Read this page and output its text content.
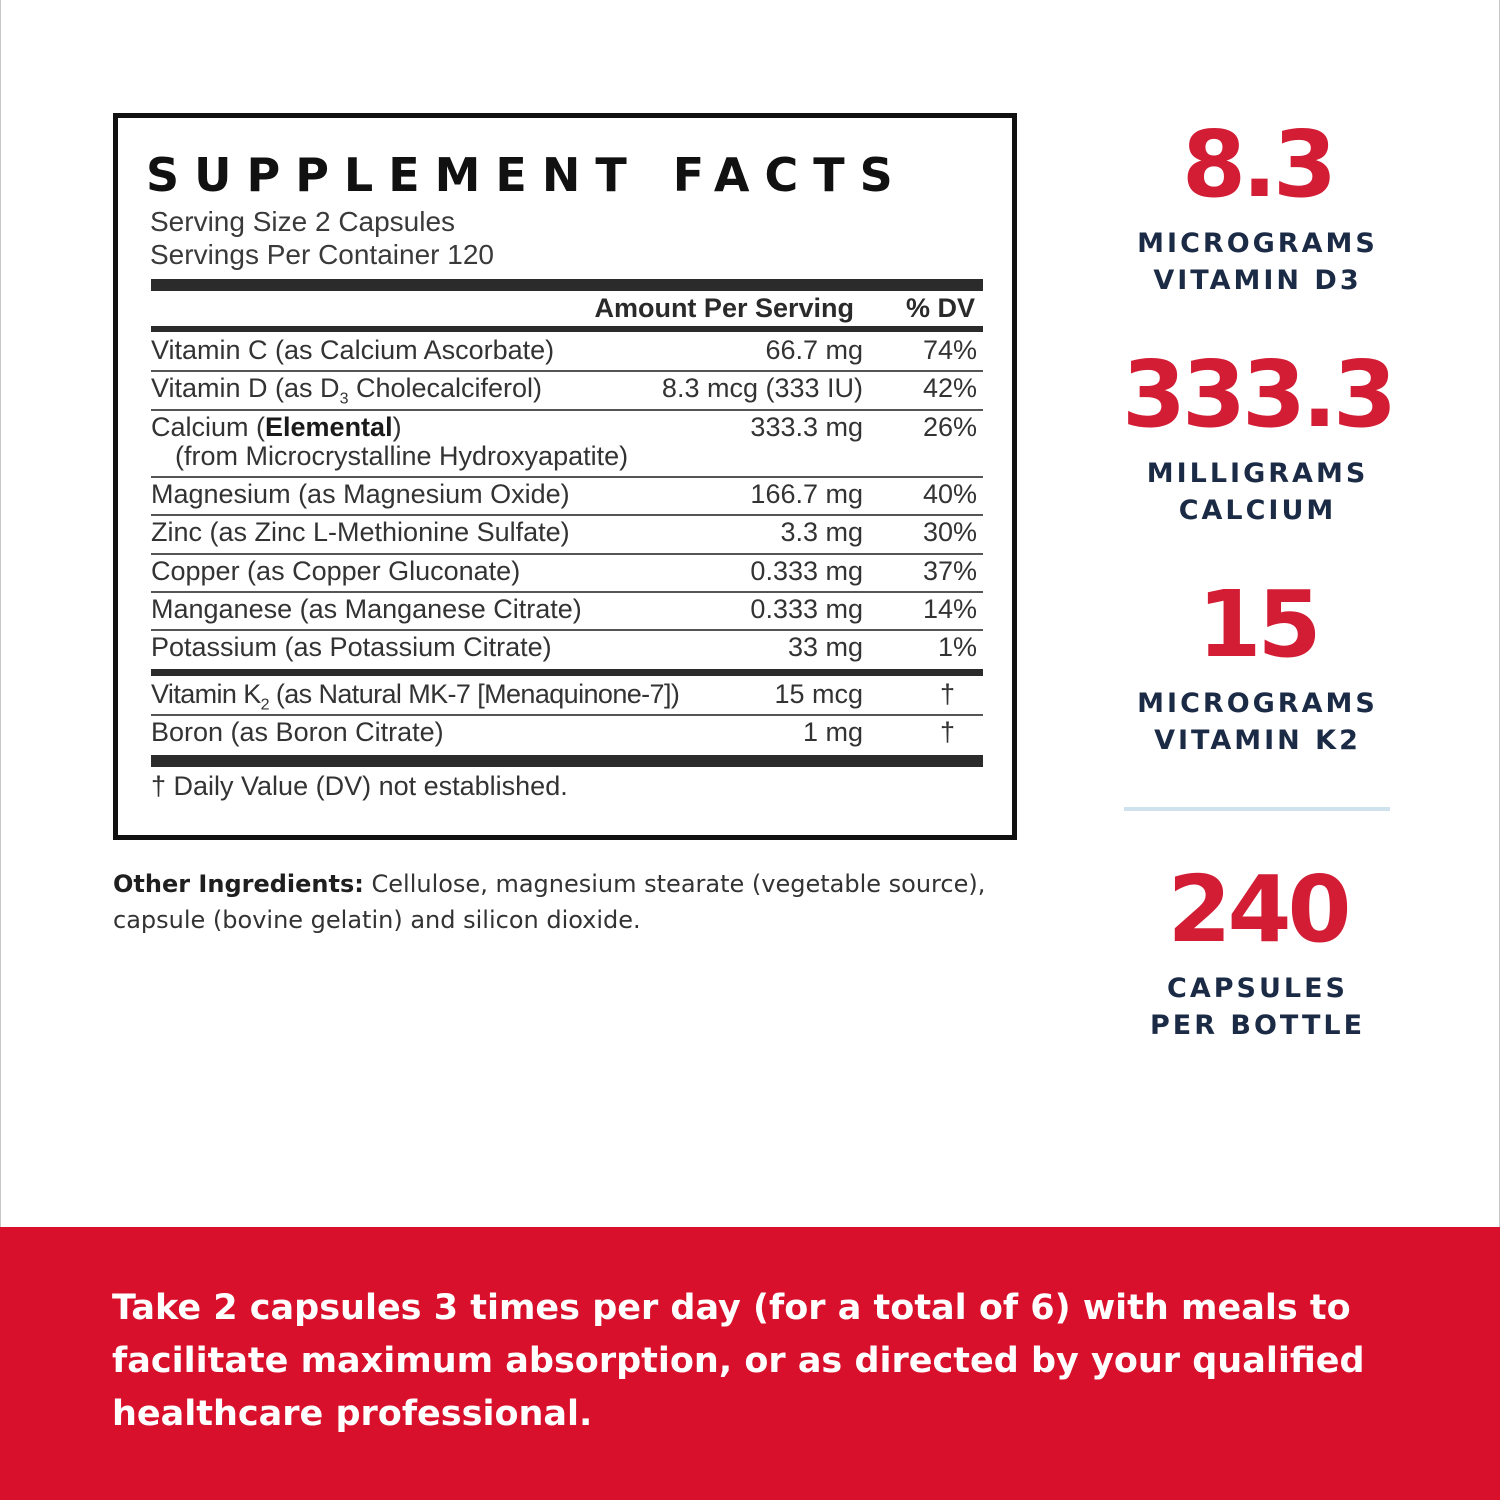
SUPPLEMENT FACTS
Serving Size 2 Capsules
Servings Per Container 120
Amount Per Serving % DV
Vitamin C (as Calcium Ascorbate)	66.7 mg 74%
Vitamin D (as $D_3$ Cholecalciferol)	8.3 mcg (333 IU) 42%
Calcium (Elemental)
(from Microcrystalline Hydroxyapatite)
333.3 mg 26%
Magnesium (as Magnesium Oxide)	166.7 mg 40%
Zinc (as Zinc L-Methionine Sulfate)	3.3 mg 30%
Copper (as Copper Gluconate)	0.333 mg 37%
Manganese (as Manganese Citrate)	0.333 mg 14%
Potassium (as Potassium Citrate)	33 mg	1%
Vitamin $K_2$ (as Natural MK-7 [Menaquinone-7])	15 mcg	†
Boron (as Boron Citrate)	1 mg	†
† Daily Value (DV) not established.
Other Ingredients: Cellulose, magnesium stearate (vegetable source), capsule (bovine gelatin) and silicon dioxide.
8.3
MICROGRAMS
VITAMIN D3
333.3
MILLIGRAMS
CALCIUM
15
MICROGRAMS
VITAMIN K2
240
CAPSULES
PER BOTTLE
Take 2 capsules 3 times per day (for a total of 6) with meals to facilitate maximum absorption, or as directed by your qualified healthcare professional.
